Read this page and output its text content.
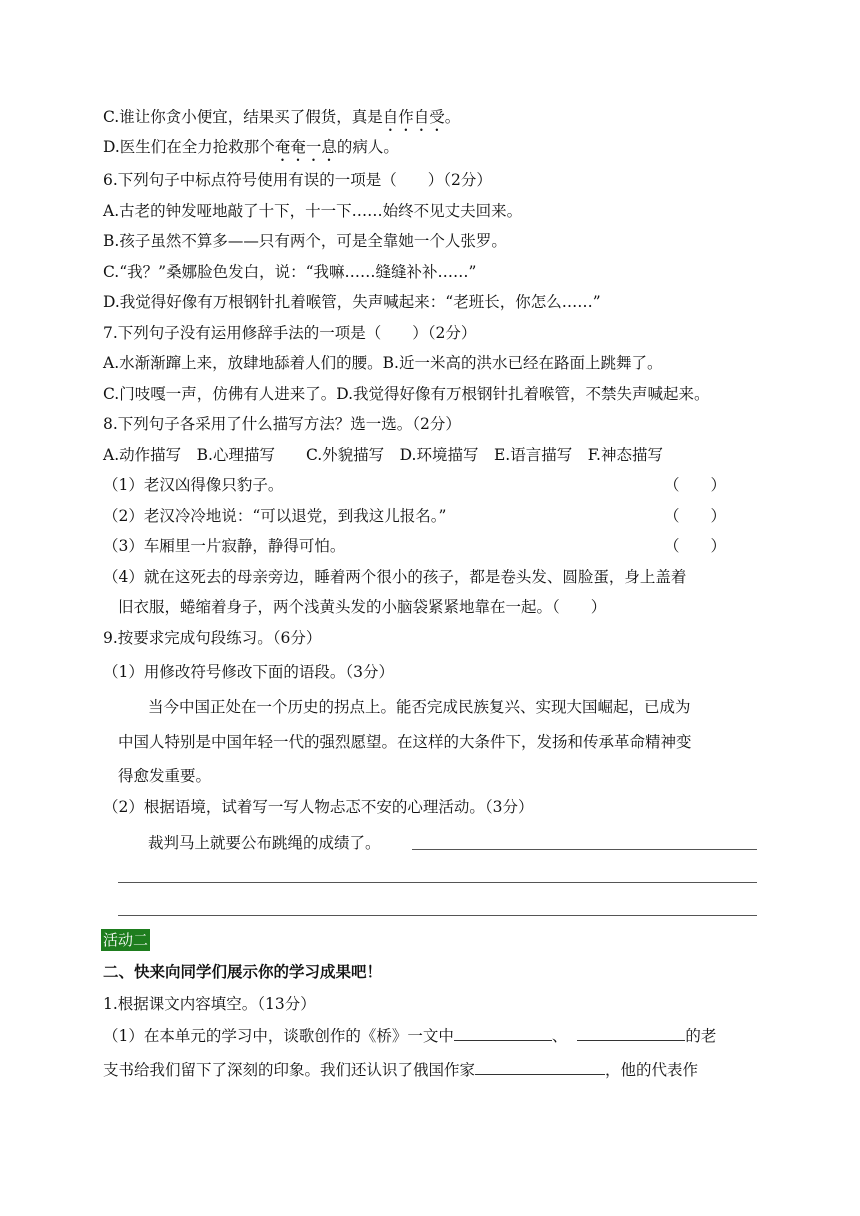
C.谁让你贪小便宜，结果买了假货，真是自作自受。
D.医生们在全力抢救那个奄奄一息的病人。
6.下列句子中标点符号使用有误的一项是（　　）（2分）
A.古老的钟发哑地敲了十下，十一下……始终不见丈夫回来。
B.孩子虽然不算多——只有两个，可是全靠她一个人张罗。
C.“我？”桑娜脸色发白，说：“我嘛……缝缝补补……”
D.我觉得好像有万根钢针扎着喉管，失声喊起来：“老班长，你怎么……”
7.下列句子没有运用修辞手法的一项是（　　）（2分）
A.水渐渐蹿上来，放肆地舔着人们的腰。B.近一米高的洪水已经在路面上跳舞了。
C.门吱嘎一声，仿佛有人进来了。D.我觉得好像有万根钢针扎着喉管，不禁失声喊起来。
8.下列句子各采用了什么描写方法？选一选。（2分）
A.动作描写　B.心理描写　　C.外貌描写　D.环境描写　E.语言描写　F.神态描写
（1）老汉凶得像只豹子。	（　　）
（2）老汉冷冷地说：“可以退党，到我这儿报名。”	（　　）
（3）车厢里一片寂静，静得可怕。	（　　）
（4）就在这死去的母亲旁边，睡着两个很小的孩子，都是卷头发、圆脸蛋，身上盖着
旧衣服，蜷缩着身子，两个浅黄头发的小脑袋紧紧地靠在一起。（　　）
9.按要求完成句段练习。（6分）
（1）用修改符号修改下面的语段。（3分）
当今中国正处在一个历史的拐点上。能否完成民族复兴、实现大国崛起，已成为
中国人特别是中国年轻一代的强烈愿望。在这样的大条件下，发扬和传承革命精神变
得愈发重要。
（2）根据语境，试着写一写人物忐忑不安的心理活动。（3分）
裁判马上就要公布跳绳的成绩了。
活动二
二、快来向同学们展示你的学习成果吧！
1.根据课文内容填空。（13分）
（1）在本单元的学习中，谈歌创作的《桥》一文中	、	的老
支书给我们留下了深刻的印象。我们还认识了俄国作家	，他的代表作
